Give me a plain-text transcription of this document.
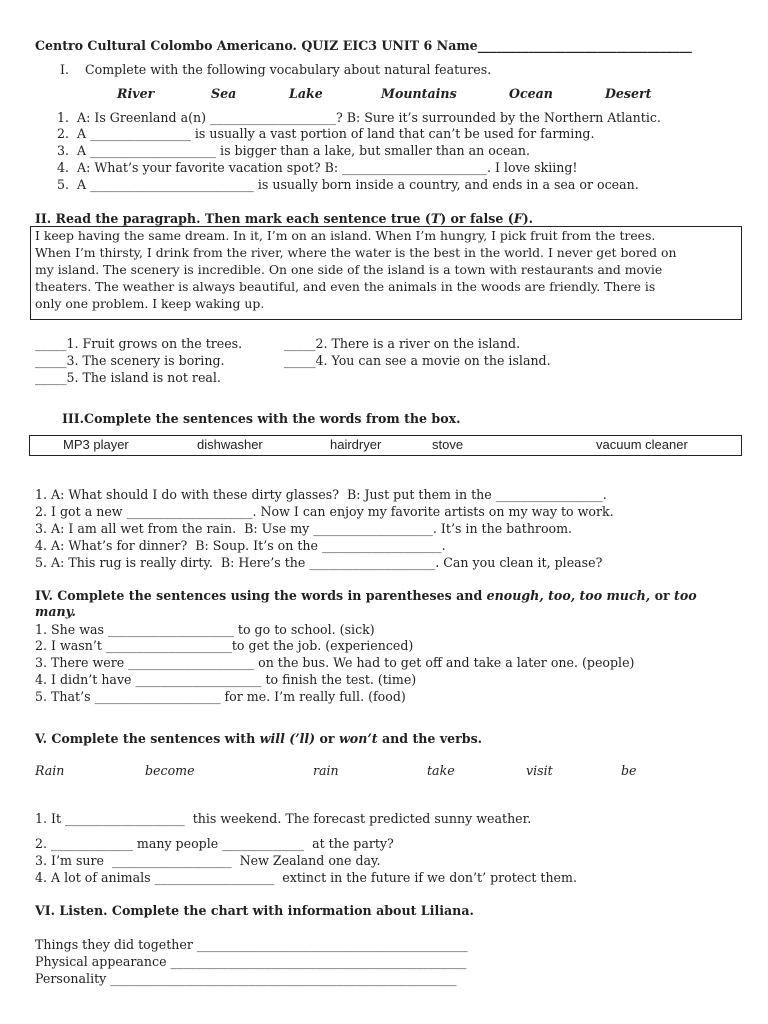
Centro Cultural Colombo Americano. QUIZ EIC3 UNIT 6 Name__________________________________
I.    Complete with the following vocabulary about natural features.
River	Sea	Lake	Mountains	Ocean	Desert
1.  A: Is Greenland a(n) ____________________? B: Sure it’s surrounded by the Northern Atlantic.
2.  A ________________ is usually a vast portion of land that can’t be used for farming.
3.  A ____________________ is bigger than a lake, but smaller than an ocean.
4.  A: What’s your favorite vacation spot? B: _______________________. I love skiing!
5.  A __________________________ is usually born inside a country, and ends in a sea or ocean.
II. Read the paragraph. Then mark each sentence true (T) or false (F).
I keep having the same dream. In it, I’m on an island. When I’m hungry, I pick fruit from the trees.
When I’m thirsty, I drink from the river, where the water is the best in the world. I never get bored on
my island. The scenery is incredible. On one side of the island is a town with restaurants and movie
theaters. The weather is always beautiful, and even the animals in the woods are friendly. There is
only one problem. I keep waking up.
_____1. Fruit grows on the trees.	_____2. There is a river on the island.
_____3. The scenery is boring.	_____4. You can see a movie on the island.
_____5. The island is not real.
III.Complete the sentences with the words from the box.
MP3 player	dishwasher	hairdryer	stove	vacuum cleaner
1. A: What should I do with these dirty glasses?  B: Just put them in the _________________.
2. I got a new ____________________. Now I can enjoy my favorite artists on my way to work.
3. A: I am all wet from the rain.  B: Use my ___________________. It’s in the bathroom.
4. A: What’s for dinner?  B: Soup. It’s on the ___________________.
5. A: This rug is really dirty.  B: Here’s the ____________________. Can you clean it, please?
IV. Complete the sentences using the words in parentheses and enough, too, too much, or too
many.
1. She was ____________________ to go to school. (sick)
2. I wasn’t ____________________to get the job. (experienced)
3. There were ____________________ on the bus. We had to get off and take a later one. (people)
4. I didn’t have ____________________ to finish the test. (time)
5. That’s ____________________ for me. I’m really full. (food)
V. Complete the sentences with will (’ll) or won’t and the verbs.
Rain	become	rain	take	visit	be
1. It ___________________  this weekend. The forecast predicted sunny weather.
2. _____________ many people _____________  at the party?
3. I’m sure  ___________________  New Zealand one day.
4. A lot of animals ___________________  extinct in the future if we don’t’ protect them.
VI. Listen. Complete the chart with information about Liliana.
Things they did together ___________________________________________
Physical appearance _______________________________________________
Personality _______________________________________________________
